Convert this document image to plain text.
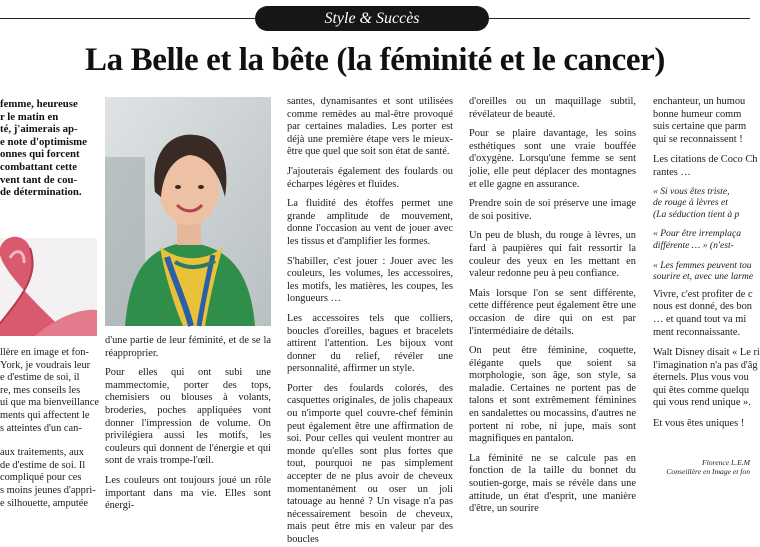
Style & Succès
La Belle et la bête (la féminité et le cancer)

femme, heureuse

r le matin en

té, j'aimerais ap-

e note d'optimisme

onnes qui forcent

combattant cette

vent tant de cou-

de détermination.

llère en image et fon-

York, je voudrais leur

e d'estime de soi, il

re, mes conseils les

ui que ma bienveillance

ments qui affectent le

s atteintes d'un can-

aux traitements, aux

de d'estime de soi. Il

compliqué pour ces

s moins jeunes d'appri-

e silhouette, amputée

d'une partie de leur féminité, et de se la réapproprier.

Pour elles qui ont subi une mammectomie, porter des tops, chemisiers ou blouses à volants, broderies, poches appliquées vont donner l'impression de volume. On privilégiera aussi les motifs, les couleurs qui donnent de l'énergie et qui sont de vrais trompe-l'œil.

Les couleurs ont toujours joué un rôle important dans ma vie. Elles sont énergi-

santes, dynamisantes et sont utilisées comme remèdes au mal-être provoqué par certaines maladies. Les porter est déjà une première étape vers le mieux-être que quel que soit son état de santé.

J'ajouterais également des foulards ou écharpes légères et fluides.

La fluidité des étoffes permet une grande amplitude de mouvement, donne l'occasion au vent de jouer avec les tissus et d'amplifier les formes.

S'habiller, c'est jouer : Jouer avec les couleurs, les volumes, les accessoires, les motifs, les matières, les coupes, les longueurs …

Les accessoires tels que colliers, boucles d'oreilles, bagues et bracelets attirent l'attention. Les bijoux vont donner du relief, révéler une personnalité, affirmer un style.

Porter des foulards colorés, des casquettes originales, de jolis chapeaux ou n'importe quel couvre-chef féminin peut également être une affirmation de soi. Pour celles qui veulent montrer au monde qu'elles sont plus fortes que tout, pourquoi ne pas simplement accepter de ne plus avoir de cheveux momentanément ou oser un joli tatouage au henné ? Un visage n'a pas nécessairement besoin de cheveux, mais peut être mis en valeur par des boucles

d'oreilles ou un maquillage subtil, révélateur de beauté.

Pour se plaire davantage, les soins esthétiques sont une vraie bouffée d'oxygène. Lorsqu'une femme se sent jolie, elle peut déplacer des montagnes et elle gagne en assurance.

Prendre soin de soi préserve une image de soi positive.

Un peu de blush, du rouge à lèvres, un fard à paupières qui fait ressortir la couleur des yeux en les mettant en valeur redonne peu à peu confiance.

Mais lorsque l'on se sent différente, cette différence peut également être une occasion de dire qui on est par l'intermédiaire de détails.

On peut être féminine, coquette, élégante quels que soient sa morphologie, son âge, son style, sa maladie. Certaines ne portent pas de talons et sont extrêmement féminines en sandalettes ou mocassins, d'autres ne portent ni robe, ni jupe, mais sont magnifiques en pantalon.

La féminité ne se calcule pas en fonction de la taille du bonnet du soutien-gorge, mais se révèle dans une attitude, un état d'esprit, une manière d'être, un sourire

enchanteur, un humou

bonne humeur comm

suis certaine que parm

qui se reconnaissent !

Les citations de Coco Ch

rantes …

« Si vous êtes triste,

de rouge à lèvres et

(La séduction tient à p

« Pour être irremplaça

différente … » (n'est-

« Les femmes peuvent tou

sourire et, avec une larme

Vivre, c'est profiter de c

nous est donné, des bon

… et quand tout va mi

ment reconnaissante.

Walt Disney disait « Le ri

l'imagination n'a pas d'âg

éternels. Plus vous vou

qui êtes comme quelqu

qui vous rend unique ».

Et vous êtes uniques !

Florence L.E.M
Conseillère en Image et fon
